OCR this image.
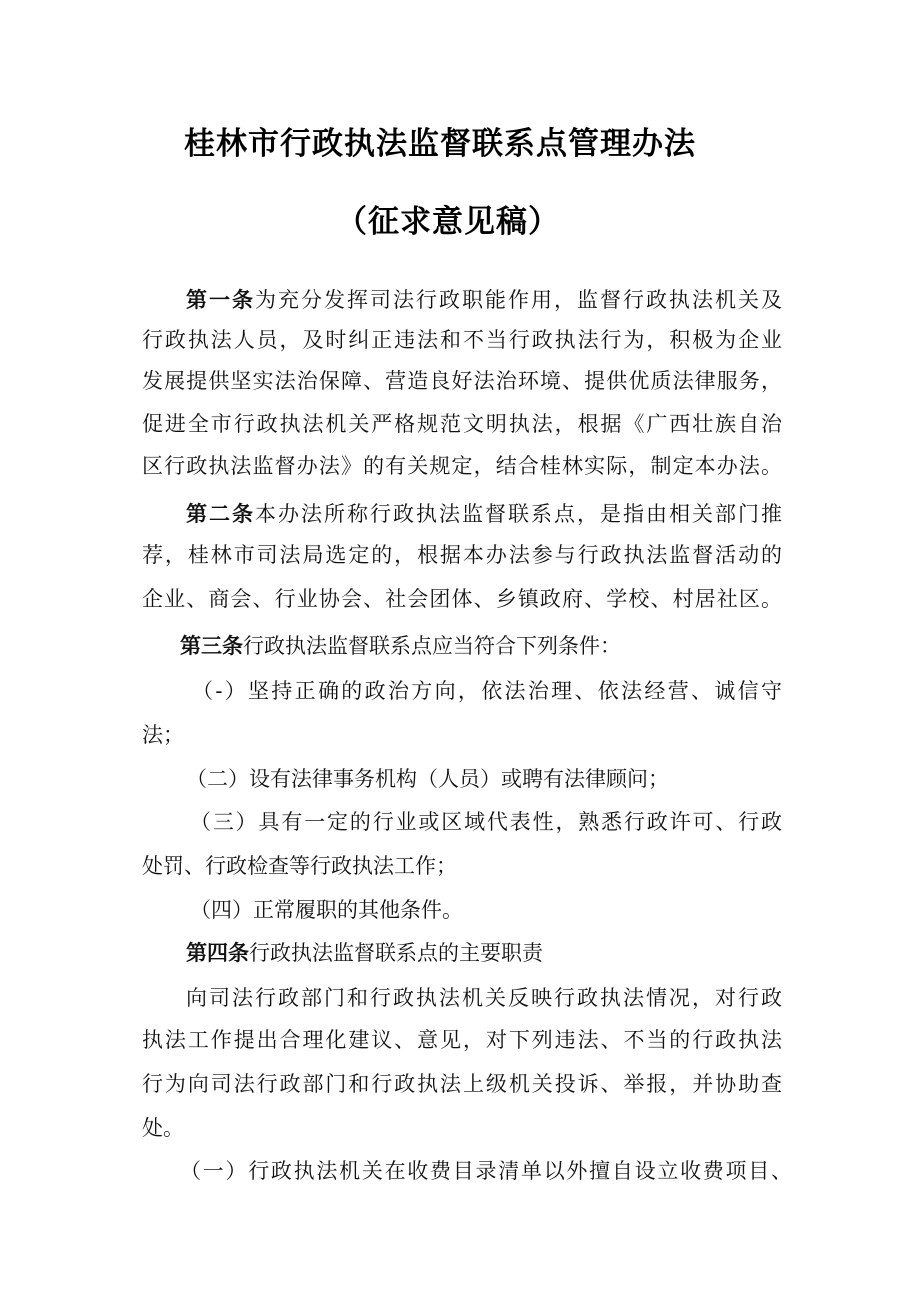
桂林市行政执法监督联系点管理办法
（征求意见稿）
第一条为充分发挥司法行政职能作用，监督行政执法机关及
行政执法人员，及时纠正违法和不当行政执法行为，积极为企业
发展提供坚实法治保障、营造良好法治环境、提供优质法律服务，
促进全市行政执法机关严格规范文明执法，根据《广西壮族自治
区行政执法监督办法》的有关规定，结合桂林实际，制定本办法。
第二条本办法所称行政执法监督联系点，是指由相关部门推
荐，桂林市司法局选定的，根据本办法参与行政执法监督活动的
企业、商会、行业协会、社会团体、乡镇政府、学校、村居社区。
第三条行政执法监督联系点应当符合下列条件：
（-）坚持正确的政治方向，依法治理、依法经营、诚信守
法；
（二）设有法律事务机构（人员）或聘有法律顾问；
（三）具有一定的行业或区域代表性，熟悉行政许可、行政
处罚、行政检查等行政执法工作；
（四）正常履职的其他条件。
第四条行政执法监督联系点的主要职责
向司法行政部门和行政执法机关反映行政执法情况，对行政
执法工作提出合理化建议、意见，对下列违法、不当的行政执法
行为向司法行政部门和行政执法上级机关投诉、举报，并协助查
处。
（一）行政执法机关在收费目录清单以外擅自设立收费项目、
